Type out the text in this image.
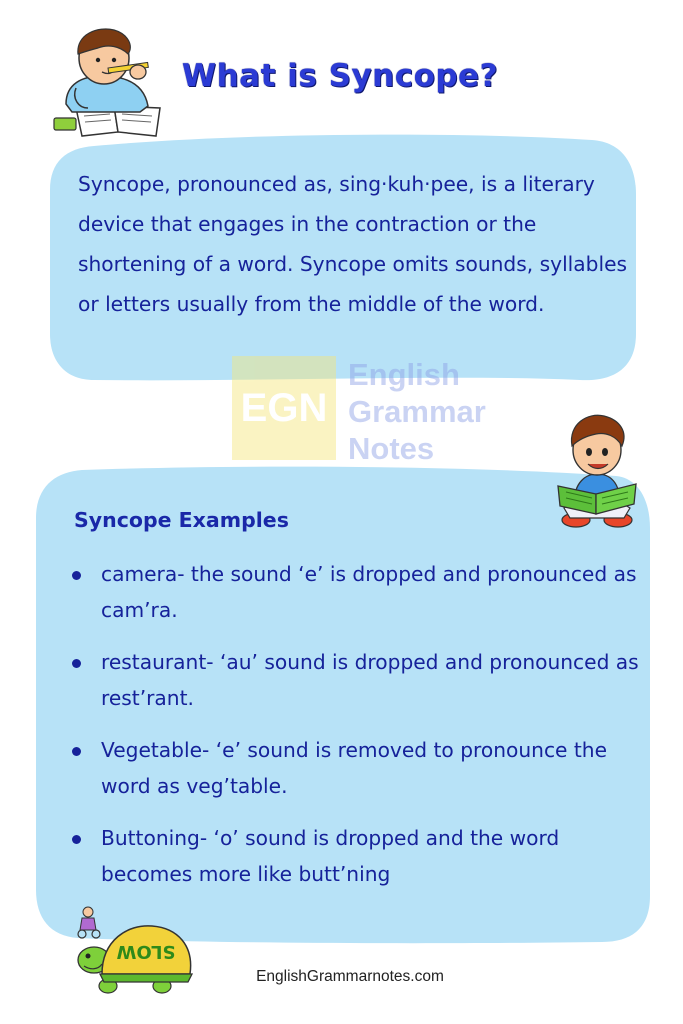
What is Syncope?
Syncope, pronounced as, sing·kuh·pee, is a literary device that engages in the contraction or the shortening of a word. Syncope omits sounds, syllables or letters usually from the middle of the word.
EGN
English
Grammar
Notes
Syncope Examples
camera- the sound ‘e’ is dropped and pronounced as cam’ra.
restaurant- ‘au’ sound is dropped and pronounced as rest’rant.
Vegetable- ‘e’ sound is removed to pronounce the word as veg’table.
Buttoning- ‘o’ sound is dropped and the word becomes more like butt’ning
SLOW
EnglishGrammarnotes.com
